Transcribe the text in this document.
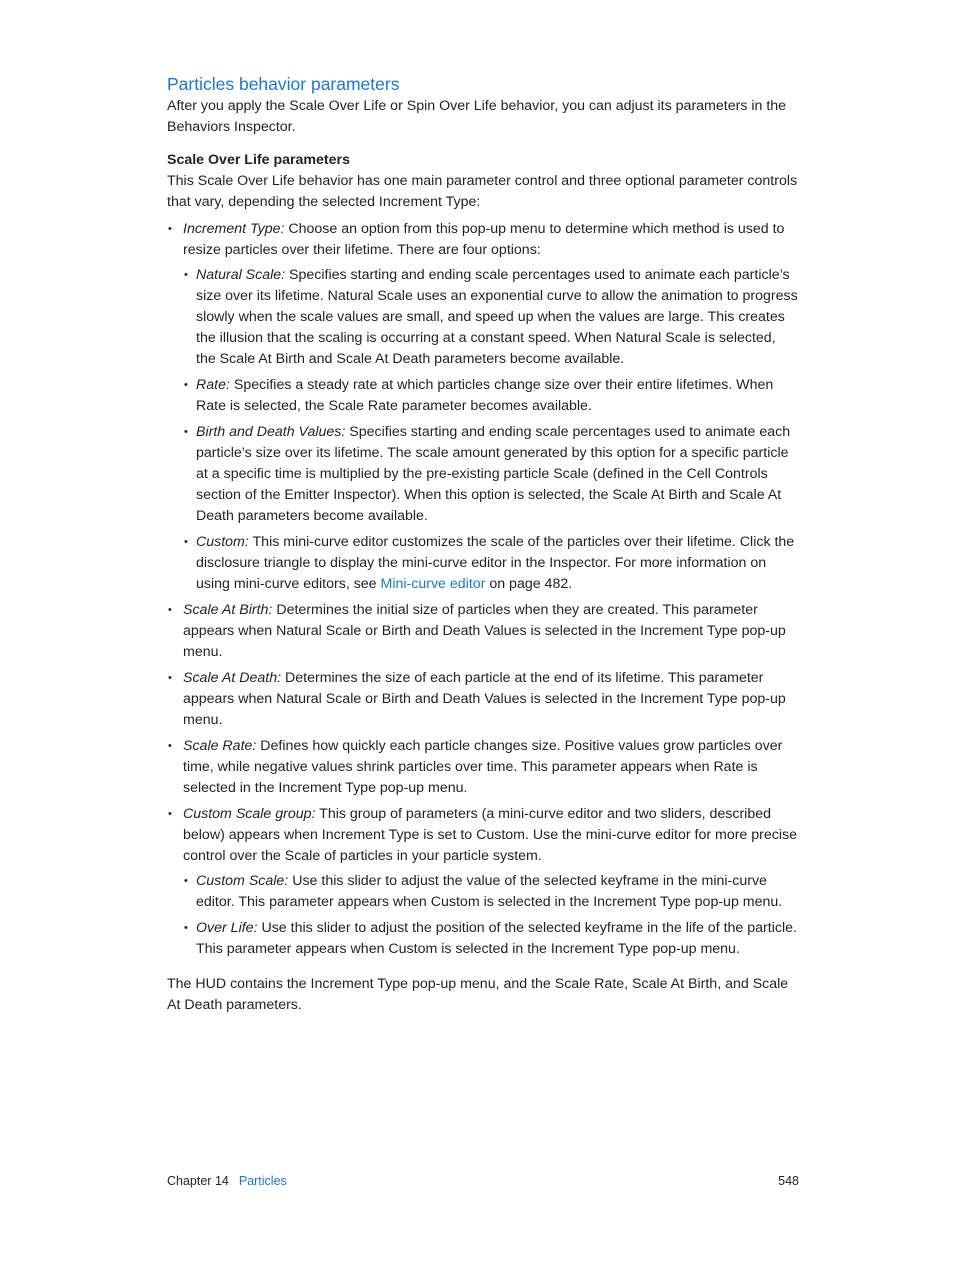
Particles behavior parameters

After you apply the Scale Over Life or Spin Over Life behavior, you can adjust its parameters in the Behaviors Inspector.

Scale Over Life parameters

This Scale Over Life behavior has one main parameter control and three optional parameter controls that vary, depending the selected Increment Type:

• Increment Type: Choose an option from this pop-up menu to determine which method is used to resize particles over their lifetime. There are four options:
• Natural Scale: Specifies starting and ending scale percentages used to animate each particle’s size over its lifetime. Natural Scale uses an exponential curve to allow the animation to progress slowly when the scale values are small, and speed up when the values are large. This creates the illusion that the scaling is occurring at a constant speed. When Natural Scale is selected, the Scale At Birth and Scale At Death parameters become available.
• Rate: Specifies a steady rate at which particles change size over their entire lifetimes. When Rate is selected, the Scale Rate parameter becomes available.
• Birth and Death Values: Specifies starting and ending scale percentages used to animate each particle’s size over its lifetime. The scale amount generated by this option for a specific particle at a specific time is multiplied by the pre-existing particle Scale (defined in the Cell Controls section of the Emitter Inspector). When this option is selected, the Scale At Birth and Scale At Death parameters become available.
• Custom: This mini-curve editor customizes the scale of the particles over their lifetime. Click the disclosure triangle to display the mini-curve editor in the Inspector. For more information on using mini-curve editors, see Mini-curve editor on page 482.
• Scale At Birth: Determines the initial size of particles when they are created. This parameter appears when Natural Scale or Birth and Death Values is selected in the Increment Type pop-up menu.
• Scale At Death: Determines the size of each particle at the end of its lifetime. This parameter appears when Natural Scale or Birth and Death Values is selected in the Increment Type pop-up menu.
• Scale Rate: Defines how quickly each particle changes size. Positive values grow particles over time, while negative values shrink particles over time. This parameter appears when Rate is selected in the Increment Type pop-up menu.
• Custom Scale group: This group of parameters (a mini-curve editor and two sliders, described below) appears when Increment Type is set to Custom. Use the mini-curve editor for more precise control over the Scale of particles in your particle system.
• Custom Scale: Use this slider to adjust the value of the selected keyframe in the mini-curve editor. This parameter appears when Custom is selected in the Increment Type pop-up menu.
• Over Life: Use this slider to adjust the position of the selected keyframe in the life of the particle. This parameter appears when Custom is selected in the Increment Type pop-up menu.

The HUD contains the Increment Type pop-up menu, and the Scale Rate, Scale At Birth, and Scale At Death parameters.

Chapter 14 Particles	548
